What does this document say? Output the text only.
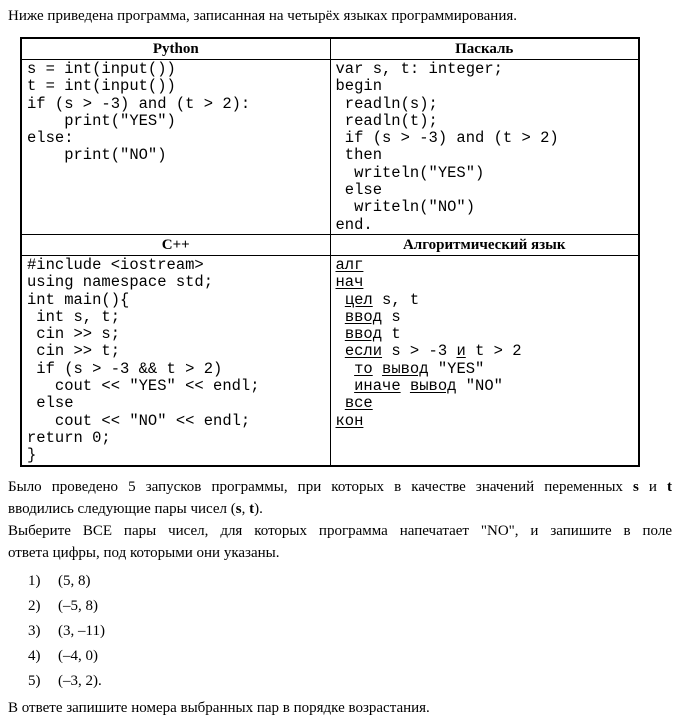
Ниже приведена программа, записанная на четырёх языках программирования.
Python	Паскаль

s = int(input())
t = int(input())
if (s > -3) and (t > 2):
print("YES")
else:
print("NO")

var s, t: integer;
begin
readln(s);
readln(t);
if (s > -3) and (t > 2)
then
writeln("YES")
else
writeln("NO")
end.

C++	Алгоритмический язык

#include <iostream>
using namespace std;
int main(){
int s, t;
cin >> s;
cin >> t;
if (s > -3 && t > 2)
cout << "YES" << endl;
else
cout << "NO" << endl;
return 0;
}

алг
нач
цел s, t
ввод s
ввод t
если s > -3 и t > 2
то вывод "YES"
иначе вывод "NO"
все
кон
Было проведено 5 запусков программы, при которых в качестве значений переменных s и t
вводились следующие пары чисел (s, t).
Выберите ВСЕ пары чисел, для которых программа напечатает "NO", и запишите в поле
ответа цифры, под которыми они указаны.
1) (5, 8)
2) (–5, 8)
3) (3, –11)
4) (–4, 0)
5) (–3, 2).
В ответе запишите номера выбранных пар в порядке возрастания.
